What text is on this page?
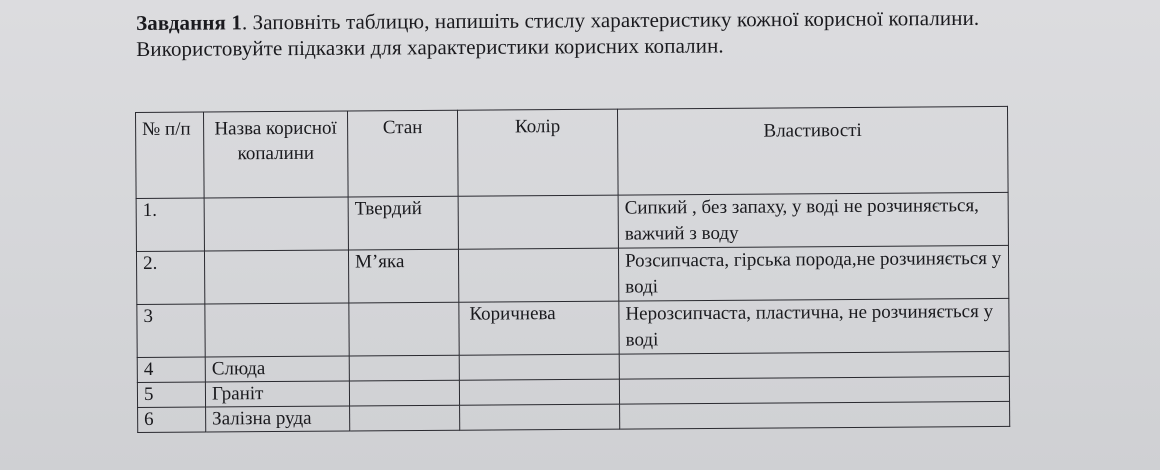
Завдання 1. Заповніть таблицю, напишіть стислу характеристику кожної корисної копалини. Використовуйте підказки для характеристики корисних копалин.
№ п/п	Назва корисної копалини	Стан	Колір	Властивості
1.		Твердий		Сипкий , без запаху, у воді не розчиняється, важчий з воду
2.		М’яка		Розсипчаста, гірська порода,не розчиняється у воді
3			Коричнева	Нерозсипчаста, пластична, не розчиняється у воді
4	Слюда			
5	Граніт			
6	Залізна руда			
